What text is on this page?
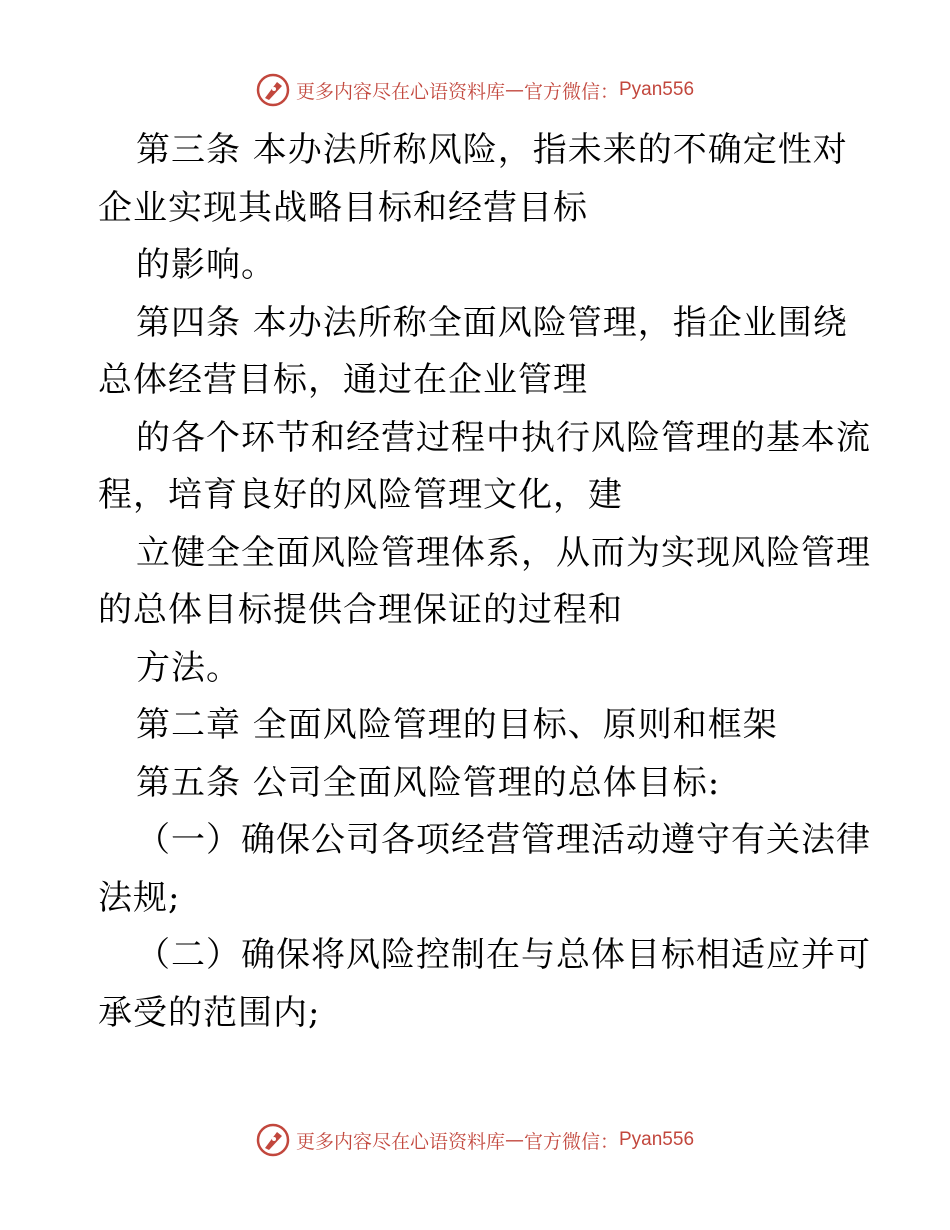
更多内容尽在心语资料库 — 官方微信： Pyan556
第三条 本办法所称风险，指未来的不确定性对
企业实现其战略目标和经营目标
的影响。
第四条 本办法所称全面风险管理，指企业围绕
总体经营目标，通过在企业管理
的各个环节和经营过程中执行风险管理的基本流
程，培育良好的风险管理文化，建
立健全全面风险管理体系，从而为实现风险管理
的总体目标提供合理保证的过程和
方法。
第二章 全面风险管理的目标、原则和框架
第五条 公司全面风险管理的总体目标:
（一）确保公司各项经营管理活动遵守有关法律
法规;
（二）确保将风险控制在与总体目标相适应并可
承受的范围内;
更多内容尽在心语资料库 — 官方微信： Pyan556
